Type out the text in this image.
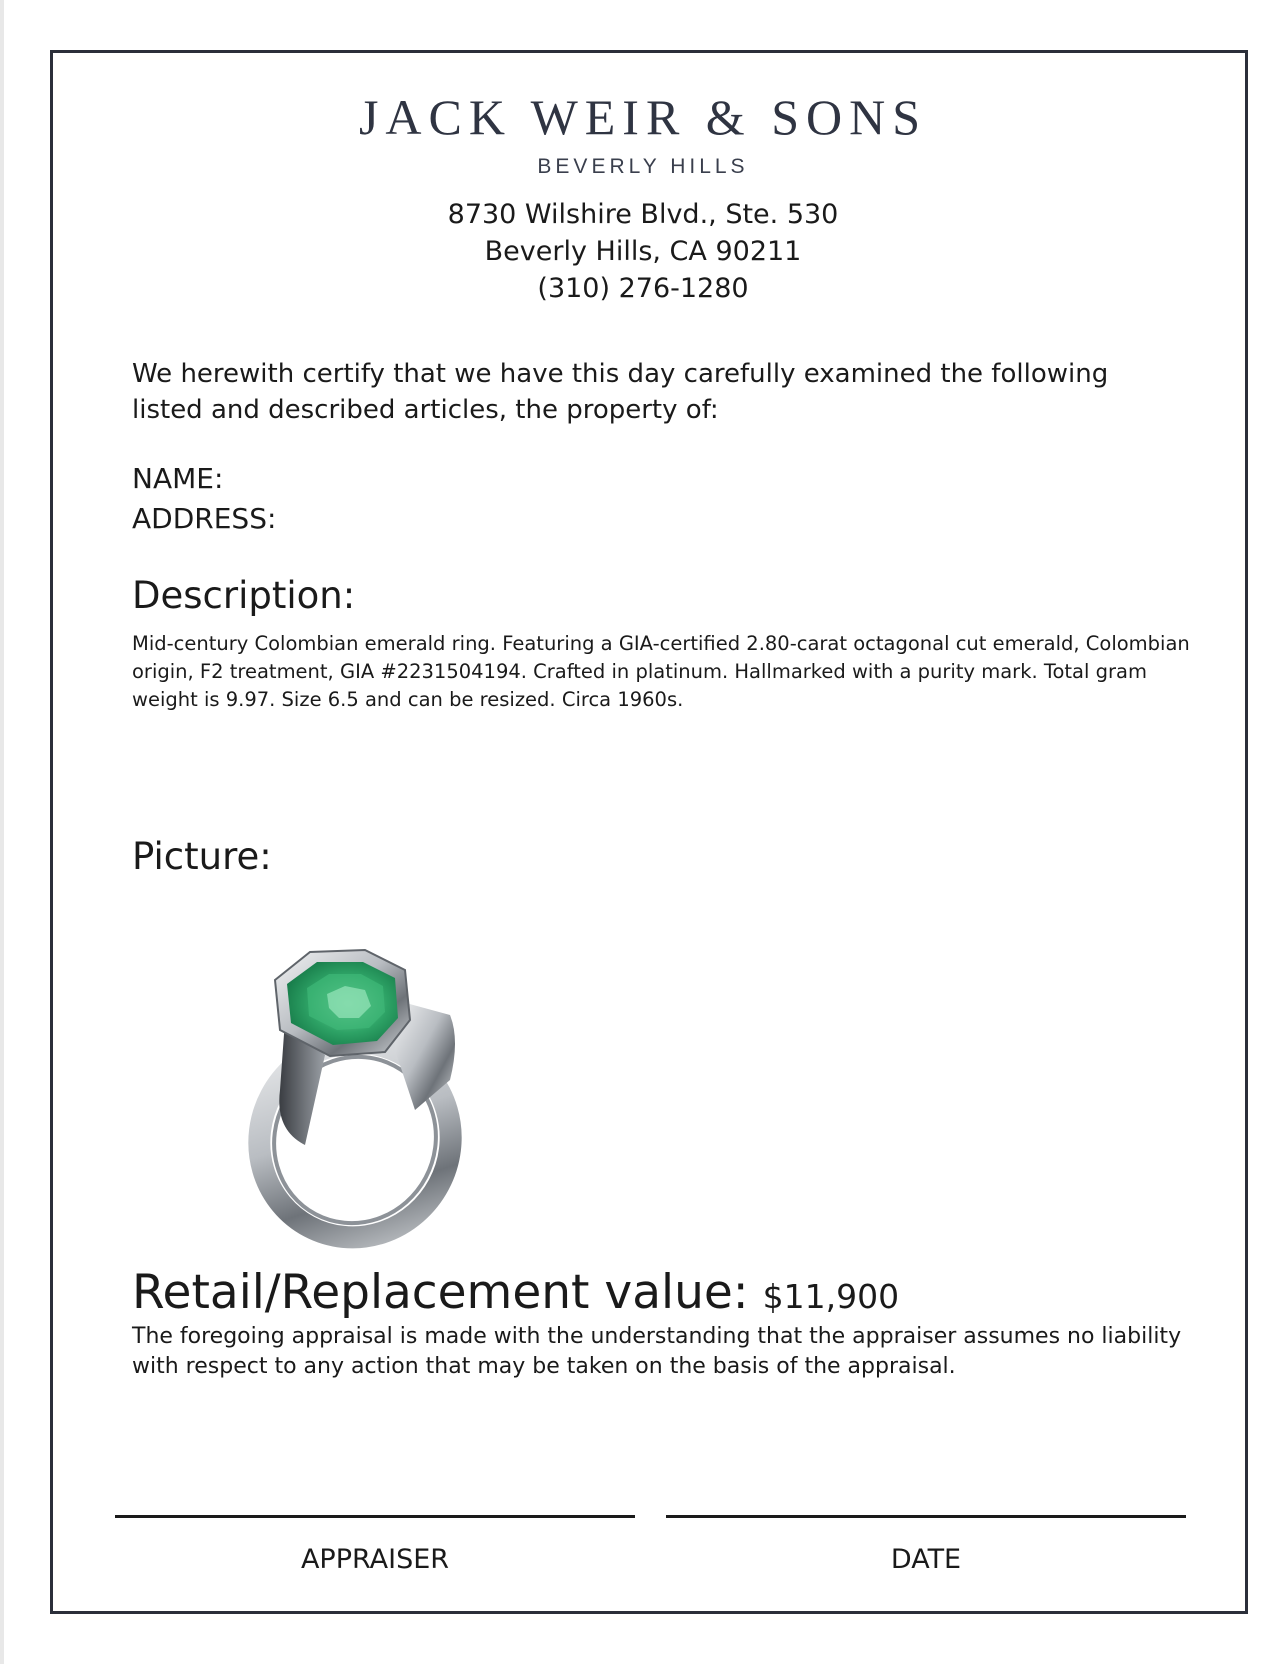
JACK WEIR & SONS
BEVERLY HILLS
8730 Wilshire Blvd., Ste. 530
Beverly Hills, CA 90211
(310) 276-1280
We herewith certify that we have this day carefully examined the following listed and described articles, the property of:
NAME:
ADDRESS:
Description:
Mid-century Colombian emerald ring. Featuring a GIA-certified 2.80-carat octagonal cut emerald, Colombian origin, F2 treatment, GIA #2231504194. Crafted in platinum. Hallmarked with a purity mark. Total gram weight is 9.97. Size 6.5 and can be resized. Circa 1960s.
Picture:
Retail/Replacement value: $11,900
The foregoing appraisal is made with the understanding that the appraiser assumes no liability with respect to any action that may be taken on the basis of the appraisal.
APPRAISER	DATE
